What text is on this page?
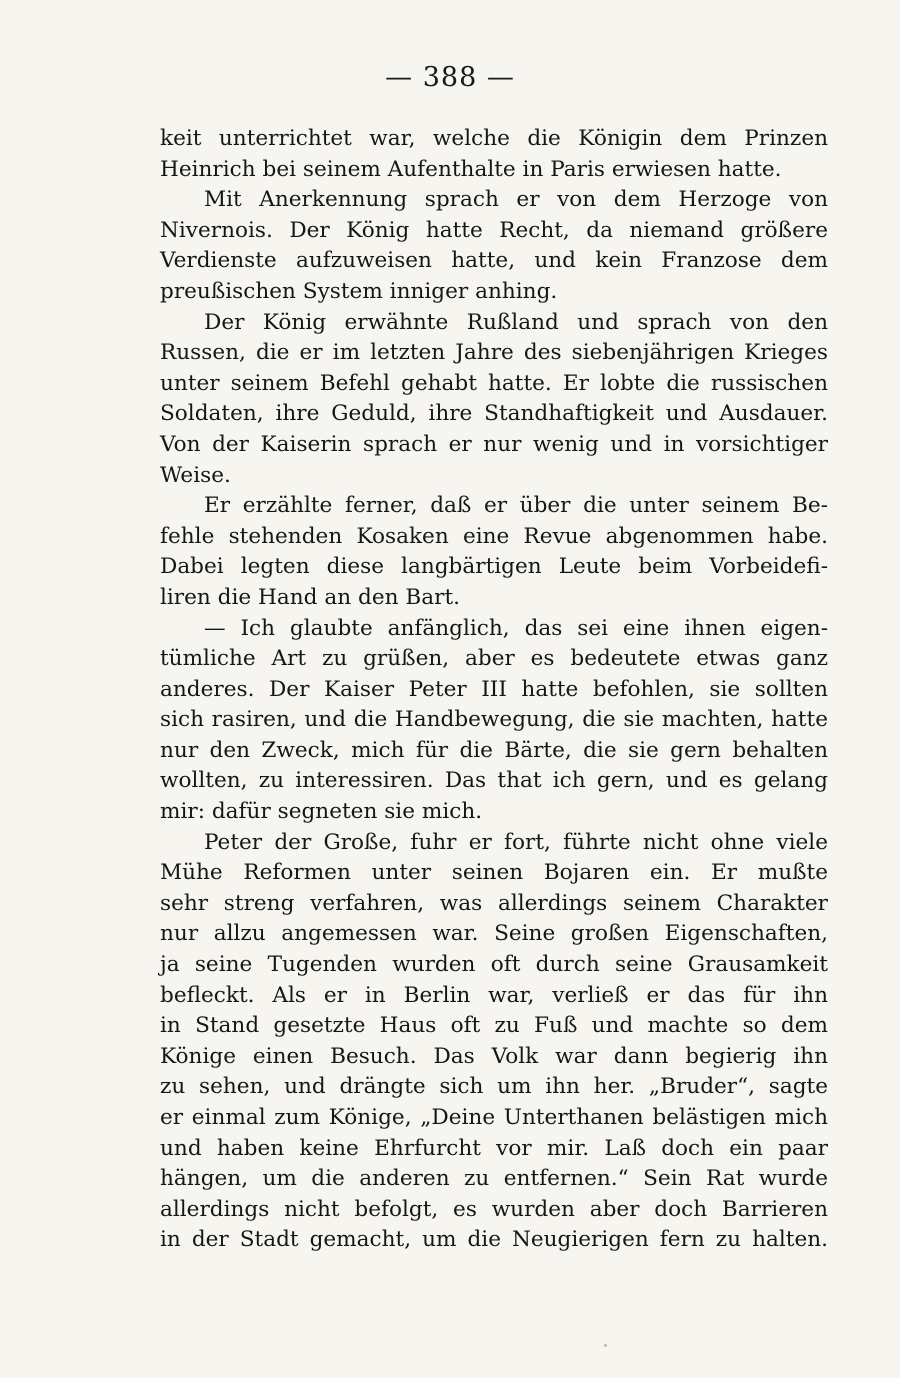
— 388 —
keit unterrichtet war, welche die Königin dem Prinzen
Heinrich bei seinem Aufenthalte in Paris erwiesen hatte.
Mit Anerkennung sprach er von dem Herzoge von
Nivernois. Der König hatte Recht, da niemand größere
Verdienste aufzuweisen hatte, und kein Franzose dem
preußischen System inniger anhing.
Der König erwähnte Rußland und sprach von den
Russen, die er im letzten Jahre des siebenjährigen Krieges
unter seinem Befehl gehabt hatte. Er lobte die russischen
Soldaten, ihre Geduld, ihre Standhaftigkeit und Ausdauer.
Von der Kaiserin sprach er nur wenig und in vorsichtiger
Weise.
Er erzählte ferner, daß er über die unter seinem Be-
fehle stehenden Kosaken eine Revue abgenommen habe.
Dabei legten diese langbärtigen Leute beim Vorbeidefi-
liren die Hand an den Bart.
— Ich glaubte anfänglich, das sei eine ihnen eigen-
tümliche Art zu grüßen, aber es bedeutete etwas ganz
anderes. Der Kaiser Peter III hatte befohlen, sie sollten
sich rasiren, und die Handbewegung, die sie machten, hatte
nur den Zweck, mich für die Bärte, die sie gern behalten
wollten, zu interessiren. Das that ich gern, und es gelang
mir: dafür segneten sie mich.
Peter der Große, fuhr er fort, führte nicht ohne viele
Mühe Reformen unter seinen Bojaren ein. Er mußte
sehr streng verfahren, was allerdings seinem Charakter
nur allzu angemessen war. Seine großen Eigenschaften,
ja seine Tugenden wurden oft durch seine Grausamkeit
befleckt. Als er in Berlin war, verließ er das für ihn
in Stand gesetzte Haus oft zu Fuß und machte so dem
Könige einen Besuch. Das Volk war dann begierig ihn
zu sehen, und drängte sich um ihn her. „Bruder“, sagte
er einmal zum Könige, „Deine Unterthanen belästigen mich
und haben keine Ehrfurcht vor mir. Laß doch ein paar
hängen, um die anderen zu entfernen.“ Sein Rat wurde
allerdings nicht befolgt, es wurden aber doch Barrieren
in der Stadt gemacht, um die Neugierigen fern zu halten.
